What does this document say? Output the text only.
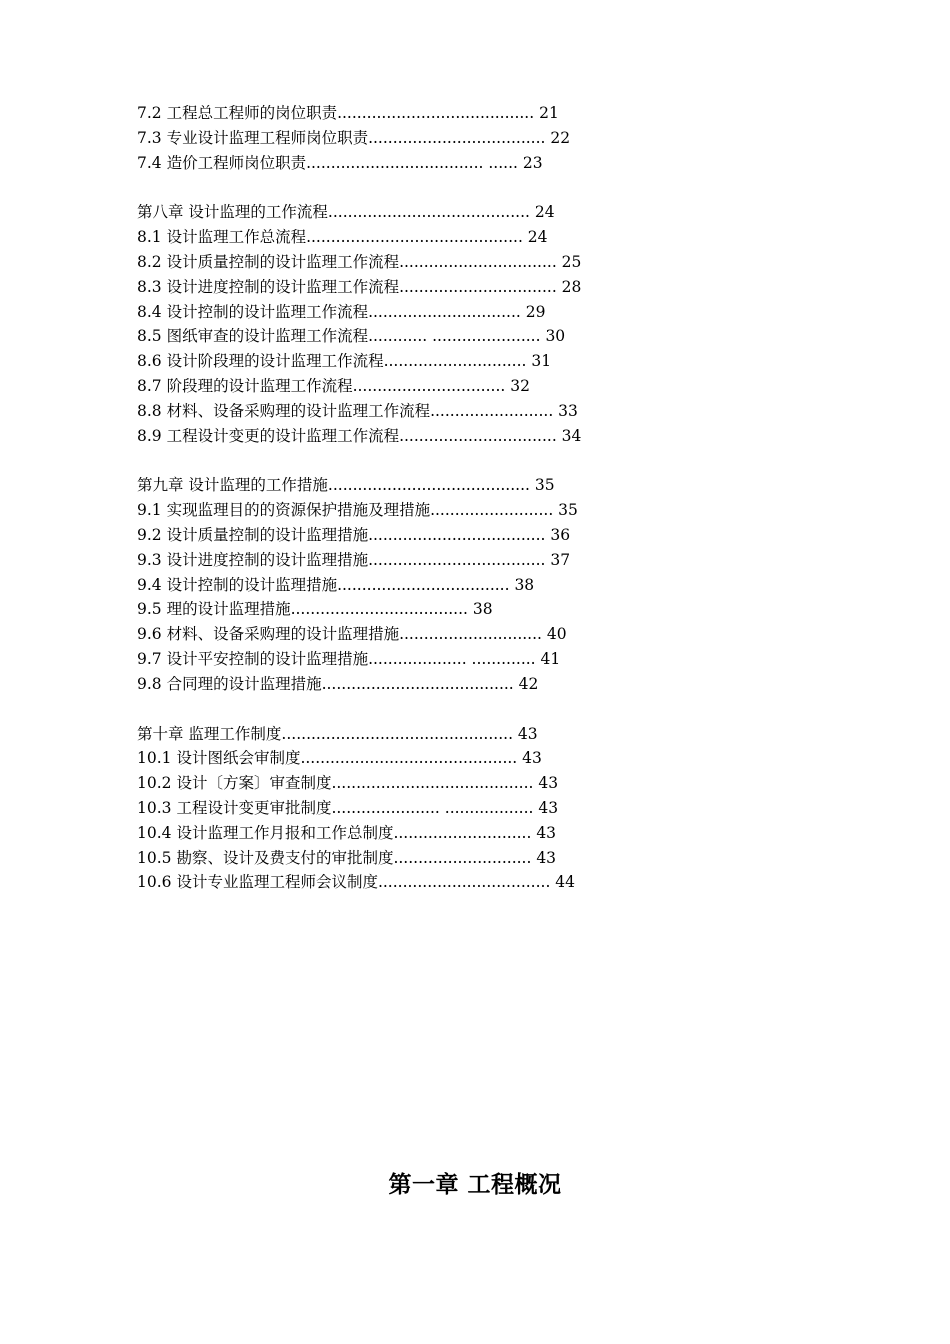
7.2 工程总工程师的岗位职责........................................ 21
7.3 专业设计监理工程师岗位职责.................................... 22
7.4 造价工程师岗位职责.................................... ...... 23
第八章 设计监理的工作流程......................................... 24
8.1 设计监理工作总流程............................................ 24
8.2 设计质量控制的设计监理工作流程................................ 25
8.3 设计进度控制的设计监理工作流程................................ 28
8.4 设计控制的设计监理工作流程............................... 29
8.5 图纸审查的设计监理工作流程............ ...................... 30
8.6 设计阶段理的设计监理工作流程............................. 31
8.7 阶段理的设计监理工作流程............................... 32
8.8 材料、设备采购理的设计监理工作流程......................... 33
8.9 工程设计变更的设计监理工作流程................................ 34
第九章 设计监理的工作措施......................................... 35
9.1 实现监理目的的资源保护措施及理措施......................... 35
9.2 设计质量控制的设计监理措施.................................... 36
9.3 设计进度控制的设计监理措施.................................... 37
9.4 设计控制的设计监理措施................................... 38
9.5 理的设计监理措施.................................... 38
9.6 材料、设备采购理的设计监理措施............................. 40
9.7 设计平安控制的设计监理措施.................... ............. 41
9.8 合同理的设计监理措施....................................... 42
第十章 监理工作制度............................................... 43
10.1 设计图纸会审制度............................................ 43
10.2 设计〔方案〕审查制度......................................... 43
10.3 工程设计变更审批制度...................... .................. 43
10.4 设计监理工作月报和工作总制度............................ 43
10.5 勘察、设计及费支付的审批制度............................ 43
10.6 设计专业监理工程师会议制度................................... 44
第一章 工程概况
